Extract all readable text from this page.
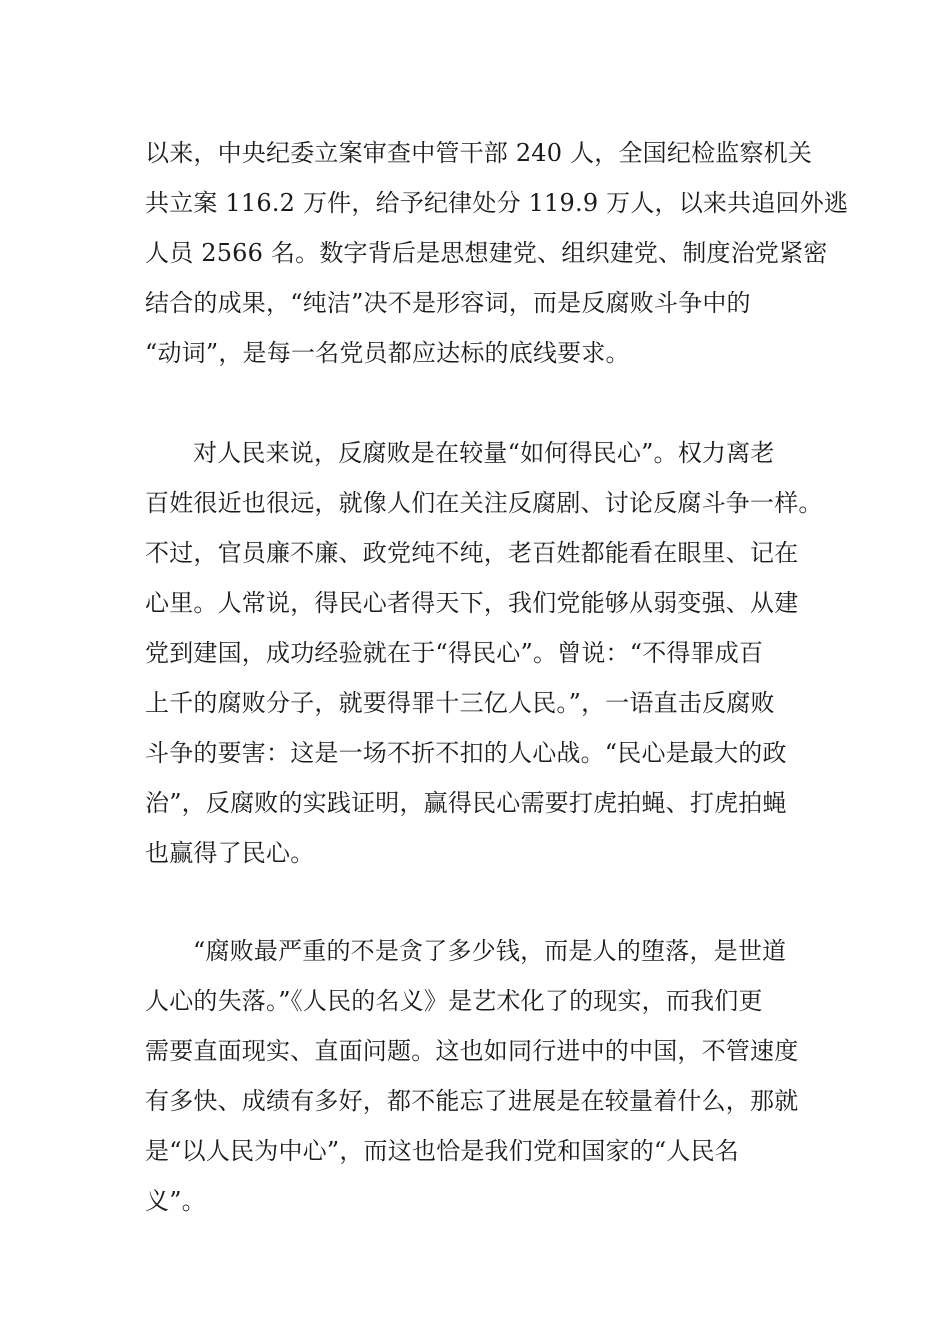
以来，中央纪委立案审查中管干部 240 人，全国纪检监察机关
共立案 116.2 万件，给予纪律处分 119.9 万人，以来共追回外逃
人员 2566 名。数字背后是思想建党、组织建党、制度治党紧密
结合的成果，“纯洁”决不是形容词，而是反腐败斗争中的
“动词”，是每一名党员都应达标的底线要求。
对人民来说，反腐败是在较量“如何得民心”。权力离老
百姓很近也很远，就像人们在关注反腐剧、讨论反腐斗争一样。
不过，官员廉不廉、政党纯不纯，老百姓都能看在眼里、记在
心里。人常说，得民心者得天下，我们党能够从弱变强、从建
党到建国，成功经验就在于“得民心”。曾说：“不得罪成百
上千的腐败分子，就要得罪十三亿人民。”，一语直击反腐败
斗争的要害：这是一场不折不扣的人心战。“民心是最大的政
治”，反腐败的实践证明，赢得民心需要打虎拍蝇、打虎拍蝇
也赢得了民心。
“腐败最严重的不是贪了多少钱，而是人的堕落，是世道
人心的失落。”《人民的名义》是艺术化了的现实，而我们更
需要直面现实、直面问题。这也如同行进中的中国，不管速度
有多快、成绩有多好，都不能忘了进展是在较量着什么，那就
是“以人民为中心”，而这也恰是我们党和国家的“人民名
义”。
